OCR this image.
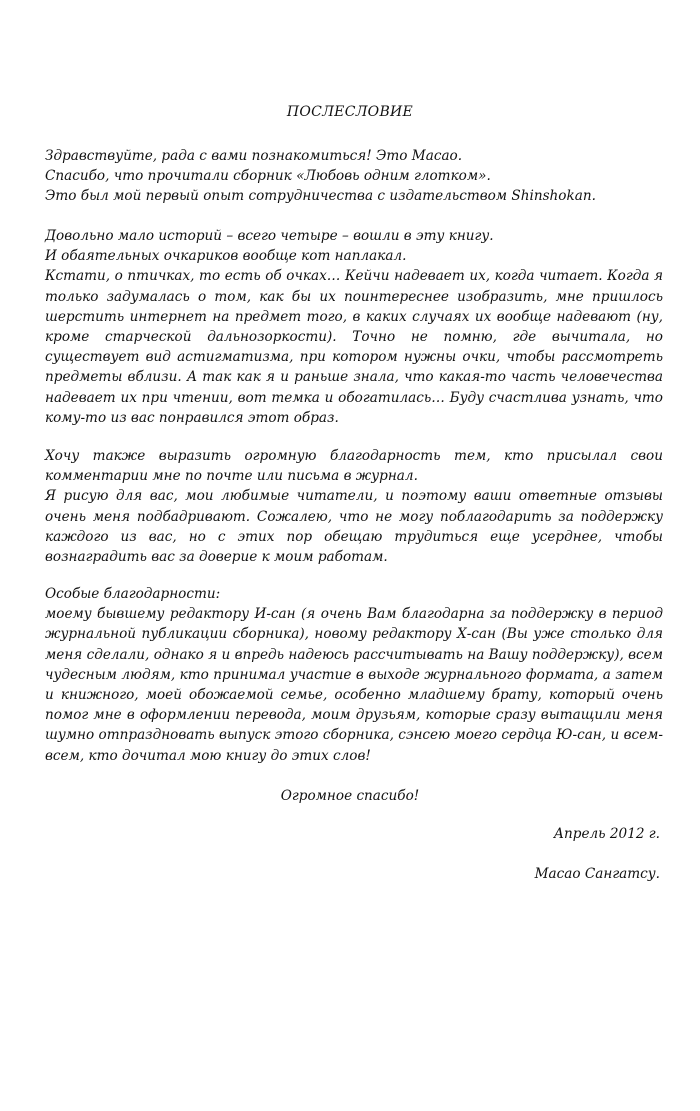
ПОСЛЕСЛОВИЕ

Здравствуйте, рада с вами познакомиться! Это Масао.

Спасибо, что прочитали сборник «Любовь одним глотком».

Это был мой первый опыт сотрудничества с издательством Shinshokan.

Довольно мало историй – всего четыре – вошли в эту книгу.

И обаятельных очкариков вообще кот наплакал.

Кстати, о птичках, то есть об очках… Кейчи надевает их, когда читает. Когда я только задумалась о том, как бы их поинтереснее изобразить, мне пришлось шерстить интернет на предмет того, в каких случаях их вообще надевают (ну, кроме старческой дальнозоркости). Точно не помню, где вычитала, но существует вид астигматизма, при котором нужны очки, чтобы рассмотреть предметы вблизи. А так как я и раньше знала, что какая-то часть человечества надевает их при чтении, вот темка и обогатилась… Буду счастлива узнать, что кому-то из вас понравился этот образ.

Хочу также выразить огромную благодарность тем, кто присылал свои комментарии мне по почте или письма в журнал.

Я рисую для вас, мои любимые читатели, и поэтому ваши ответные отзывы очень меня подбадривают. Сожалею, что не могу поблагодарить за поддержку каждого из вас, но с этих пор обещаю трудиться еще усерднее, чтобы вознаградить вас за доверие к моим работам.

Особые благодарности:

моему бывшему редактору И-сан (я очень Вам благодарна за поддержку в период журнальной публикации сборника), новому редактору Х-сан (Вы уже столько для меня сделали, однако я и впредь надеюсь рассчитывать на Вашу поддержку), всем чудесным людям, кто принимал участие в выходе журнального формата, а затем и книжного, моей обожаемой семье, особенно младшему брату, который очень помог мне в оформлении перевода, моим друзьям, которые сразу вытащили меня шумно отпраздновать выпуск этого сборника, сэнсею моего сердца Ю-сан, и всем-всем, кто дочитал мою книгу до этих слов!

Огромное спасибо!
Апрель 2012 г.
Масао Сангатсу.
